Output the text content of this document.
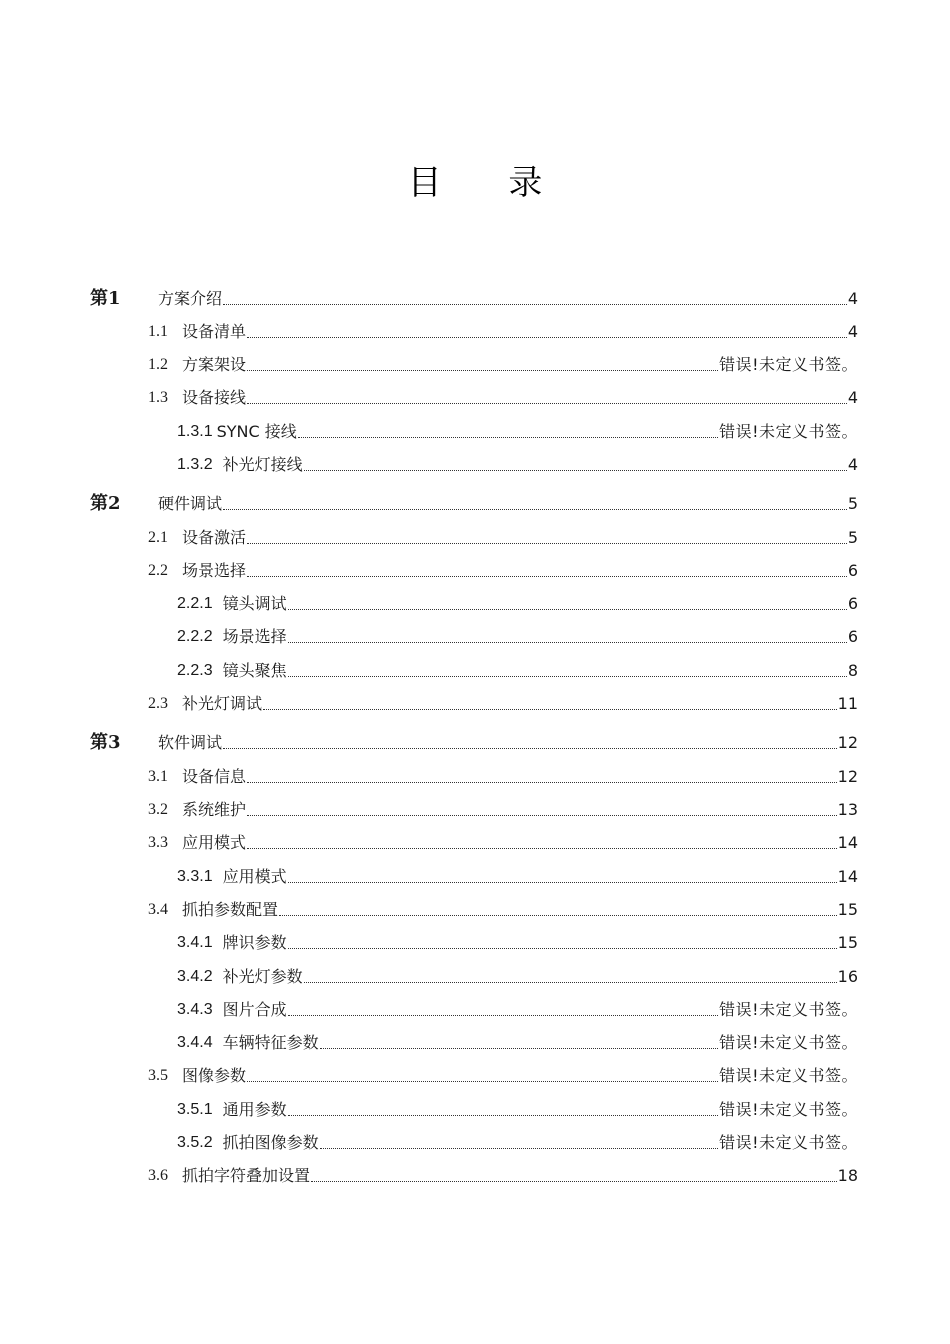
目 录
第1	方案介绍	4
1.1 设备清单	4
1.2 方案架设	错误!未定义书签。
1.3 设备接线	4
1.3.1 SYNC 接线	错误!未定义书签。
1.3.2 补光灯接线	4
第2	硬件调试	5
2.1 设备激活	5
2.2 场景选择	6
2.2.1 镜头调试	6
2.2.2 场景选择	6
2.2.3 镜头聚焦	8
2.3 补光灯调试	11
第3	软件调试	12
3.1 设备信息	12
3.2 系统维护	13
3.3 应用模式	14
3.3.1 应用模式	14
3.4 抓拍参数配置	15
3.4.1 牌识参数	15
3.4.2 补光灯参数	16
3.4.3 图片合成	错误!未定义书签。
3.4.4 车辆特征参数	错误!未定义书签。
3.5 图像参数	错误!未定义书签。
3.5.1 通用参数	错误!未定义书签。
3.5.2 抓拍图像参数	错误!未定义书签。
3.6 抓拍字符叠加设置	18
